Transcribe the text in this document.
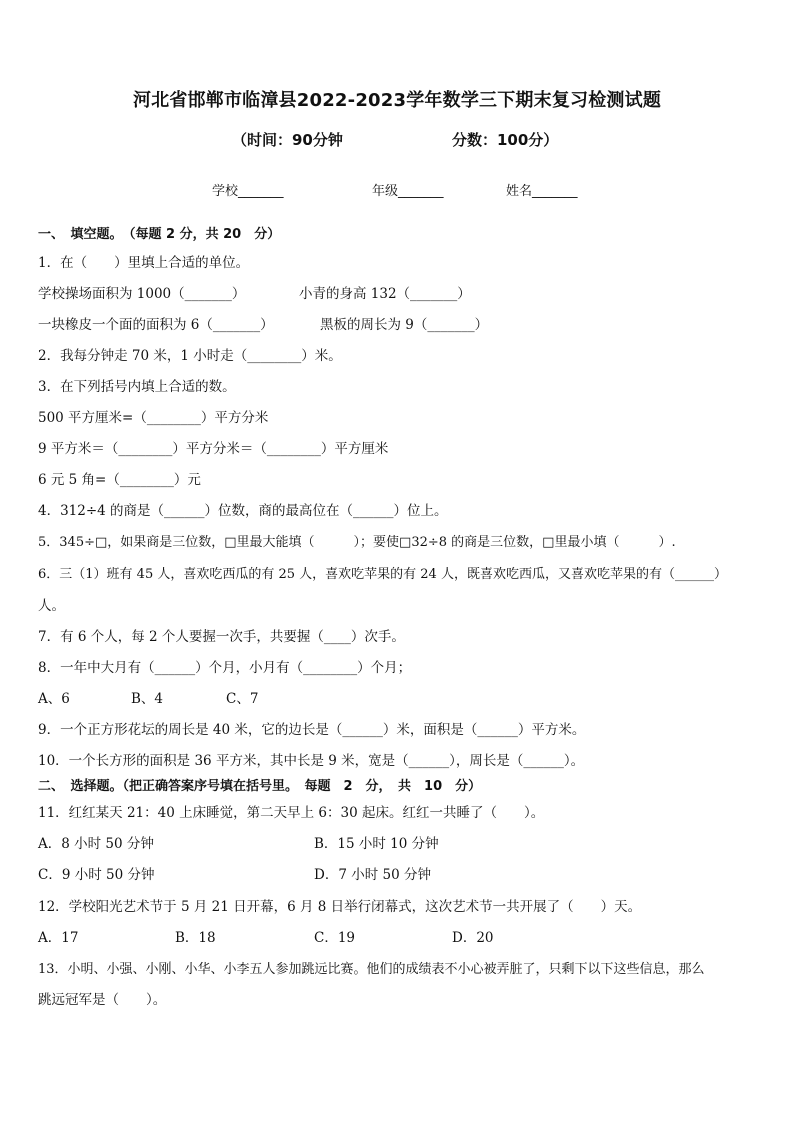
河北省邯郸市临漳县2022-2023学年数学三下期末复习检测试题
（时间：90分钟	分数：100分）
学校_______	年级_______	姓名_______
一、　填空题。　（每题 2 分，共 20　分）
1．在（　　）里填上合适的单位。
学校操场面积为 1000（_______）	小青的身高 132（_______）
一块橡皮一个面的面积为 6（_______）	黑板的周长为 9（_______）
2．我每分钟走 70 米，1 小时走（________）米。
3．在下列括号内填上合适的数。
500 平方厘米=（________）平方分米
9 平方米＝（________）平方分米＝（________）平方厘米
6 元 5 角=（________）元
4．312÷4 的商是（______）位数，商的最高位在（______）位上。
5．345÷□，如果商是三位数，□里最大能填（　　　）；要使□32÷8 的商是三位数，□里最小填（　　　）.
6．三（1）班有 45 人，喜欢吃西瓜的有 25 人，喜欢吃苹果的有 24 人，既喜欢吃西瓜，又喜欢吃苹果的有（______）
人。
7．有 6 个人，每 2 个人要握一次手，共要握（____）次手。
8．一年中大月有（______）个月，小月有（________）个月；
A、6	B、4	C、7
9．一个正方形花坛的周长是 40 米，它的边长是（______）米，面积是（______）平方米。
10．一个长方形的面积是 36 平方米，其中长是 9 米，宽是（______），周长是（______）。
二、　选择题。（把正确答案序号填在括号里。　每题　2　分，　共　10　分）
11．红红某天 21：40 上床睡觉，第二天早上 6：30 起床。红红一共睡了（　　）。
A．8 小时 50 分钟	B．15 小时 10 分钟
C．9 小时 50 分钟	D．7 小时 50 分钟
12．学校阳光艺术节于 5 月 21 日开幕，6 月 8 日举行闭幕式，这次艺术节一共开展了（　　）天。
A．17	B．18	C．19	D．20
13．小明、小强、小刚、小华、小李五人参加跳远比赛。他们的成绩表不小心被弄脏了，只剩下以下这些信息，那么
跳远冠军是（　　）。
